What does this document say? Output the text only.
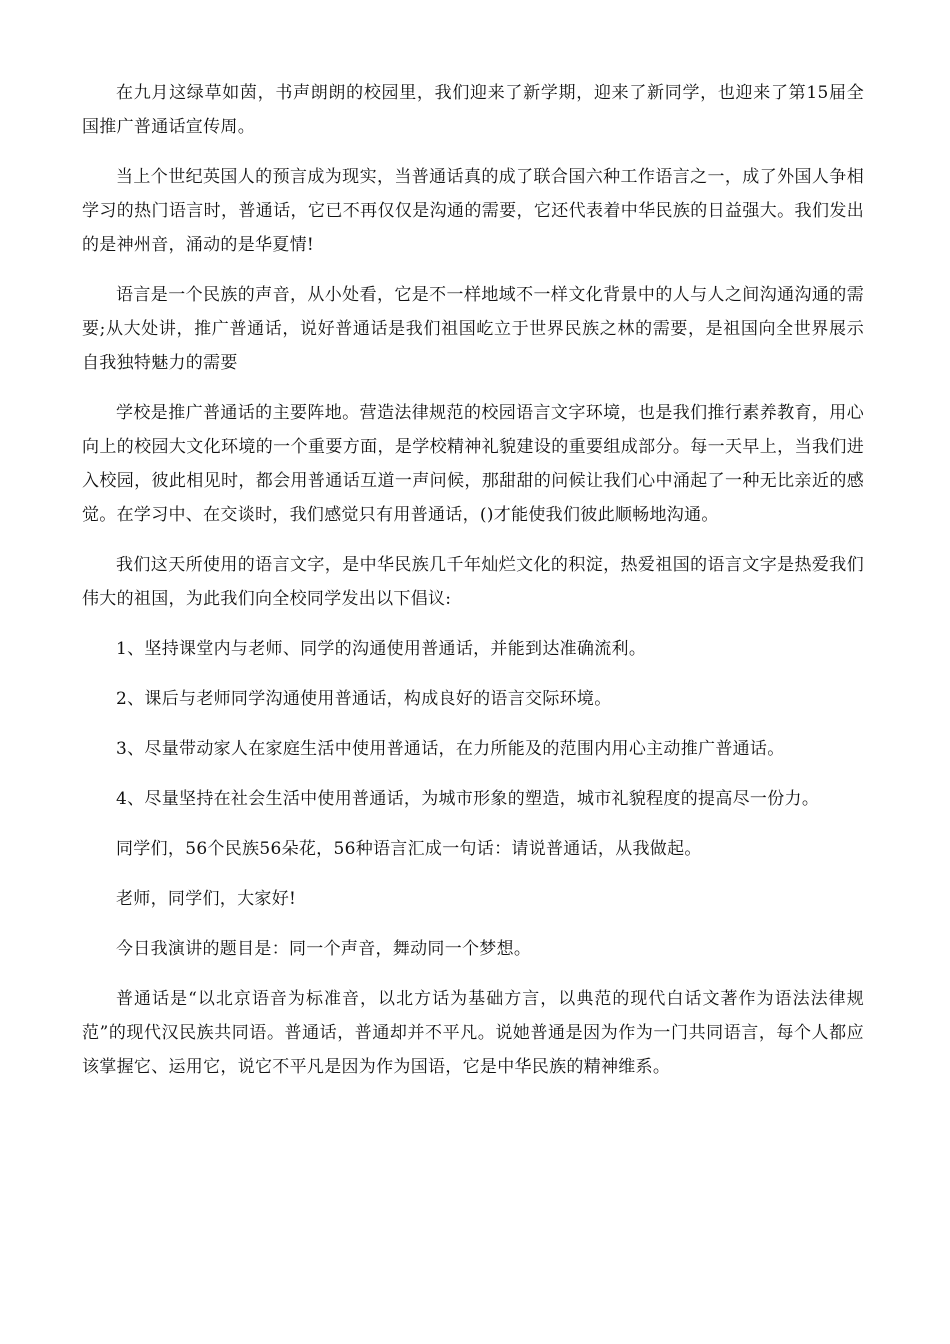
在九月这绿草如茵，书声朗朗的校园里，我们迎来了新学期，迎来了新同学，也迎来了第15届全国推广普通话宣传周。

当上个世纪英国人的预言成为现实，当普通话真的成了联合国六种工作语言之一，成了外国人争相学习的热门语言时，普通话，它已不再仅仅是沟通的需要，它还代表着中华民族的日益强大。我们发出的是神州音，涌动的是华夏情!

语言是一个民族的声音，从小处看，它是不一样地域不一样文化背景中的人与人之间沟通沟通的需要;从大处讲，推广普通话，说好普通话是我们祖国屹立于世界民族之林的需要，是祖国向全世界展示自我独特魅力的需要

学校是推广普通话的主要阵地。营造法律规范的校园语言文字环境，也是我们推行素养教育，用心向上的校园大文化环境的一个重要方面，是学校精神礼貌建设的重要组成部分。每一天早上，当我们进入校园，彼此相见时，都会用普通话互道一声问候，那甜甜的问候让我们心中涌起了一种无比亲近的感觉。在学习中、在交谈时，我们感觉只有用普通话，()才能使我们彼此顺畅地沟通。

我们这天所使用的语言文字，是中华民族几千年灿烂文化的积淀，热爱祖国的语言文字是热爱我们伟大的祖国，为此我们向全校同学发出以下倡议:

1、坚持课堂内与老师、同学的沟通使用普通话，并能到达准确流利。

2、课后与老师同学沟通使用普通话，构成良好的语言交际环境。

3、尽量带动家人在家庭生活中使用普通话，在力所能及的范围内用心主动推广普通话。

4、尽量坚持在社会生活中使用普通话，为城市形象的塑造，城市礼貌程度的提高尽一份力。

同学们，56个民族56朵花，56种语言汇成一句话：请说普通话，从我做起。

老师，同学们，大家好!

今日我演讲的题目是：同一个声音，舞动同一个梦想。

普通话是“以北京语音为标准音，以北方话为基础方言，以典范的现代白话文著作为语法法律规范”的现代汉民族共同语。普通话，普通却并不平凡。说她普通是因为作为一门共同语言，每个人都应该掌握它、运用它，说它不平凡是因为作为国语，它是中华民族的精神维系。
